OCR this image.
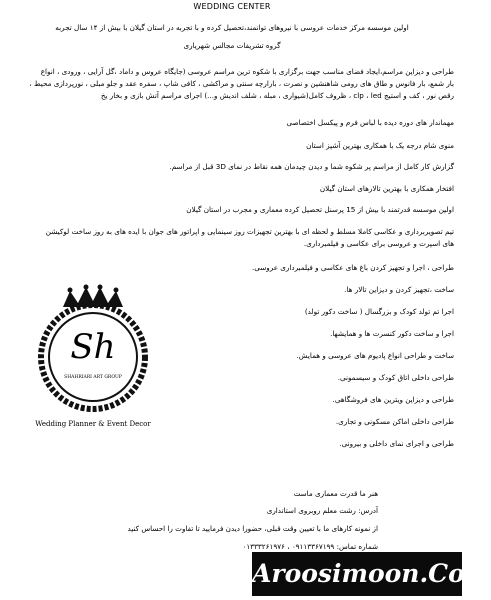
WEDDING CENTER
اولین موسسه مرکز خدمات عروسی با نیروهای توانمند،تحصیل کرده و با تجربه در استان گیلان با بیش از ۱۴ سال تجربه
گروه تشریفات مجالس شهریاری
طراحی و دیزاین مراسم،ایجاد فضای مناسب جهت برگزاری با شکوه ترین مراسم عروسی (جایگاه عروس و داماد ،گل آرایی ، ورودی ، انواع
بار شمع، بار فانوس و طاق های رومی شاهنشین و نصرت ، بارارچه سنتی و مراکشی ، کافی شاپ ، سفره عقد و جلو مبلی ، نورپردازی محیط ،
رقص نور ، کف و استیج clp ، led ، ظروف کامل(شیواری ، مبله ، شلف اندیش و...) اجرای مراسم آتش بازی و بخار یخ
مهماندار های دوره دیده با لباس فرم و پیکسل اختصاصی
منوی شام درجه یک با همکاری بهترین آشپز استان
گزارش کار کامل از مراسم پر شکوه شما و دیدن چیدمان همه نقاط در نمای 3D قبل از مراسم.
افتخار همکاری با بهترین تالارهای استان گیلان
اولین موسسه قدرتمند با بیش از 15 پرسنل تحصیل کرده معماری و مجرب در استان گیلان
تیم تصویربرداری و عکاسی کاملا مسلط و لحظه ای با بهترین تجهیزات روز سینمایی و اپراتور های جوان با ایده های به روز ساخت لوکیشن
های اسپرت و عروسی برای عکاسی و فیلمبرداری.
طراحی ، اجرا و تجهیز کردن باغ های عکاسی و فیلمبرداری عروسی.
ساخت ،تجهیز کردن و دیزاین تالار ها.
اجرا تم تولد کودک و بزرگسال ( ساخت دکور تولد)
اجرا و ساخت دکور کنسرت ها و همایشها.
ساخت و طراحی انواع پادیوم های عروسی و همایش.
طراحی داخلی اتاق کودک و سیسمونی.
طراحی و دیزاین ویترین های فروشگاهی.
طراحی داخلی اماکن مسکونی و تجاری.
طراحی و اجرای نمای داخلی و بیرونی.
Sh
SHAHRIARI ART GROUP
Wedding Planner & Event Decor
هنر ما قدرت معماری ماست
آدرس: رشت معلم روبروی استانداری
از نمونه کارهای ما با تعیین وقت قبلی، حضورا دیدن فرمایید تا تفاوت را احساس کنید
شماره تماس: ۰۹۱۱۳۳۶۷۱۹۹ ، ۰۱۳۳۳۲۶۱۹۷۶
Aroosimoon.Com
